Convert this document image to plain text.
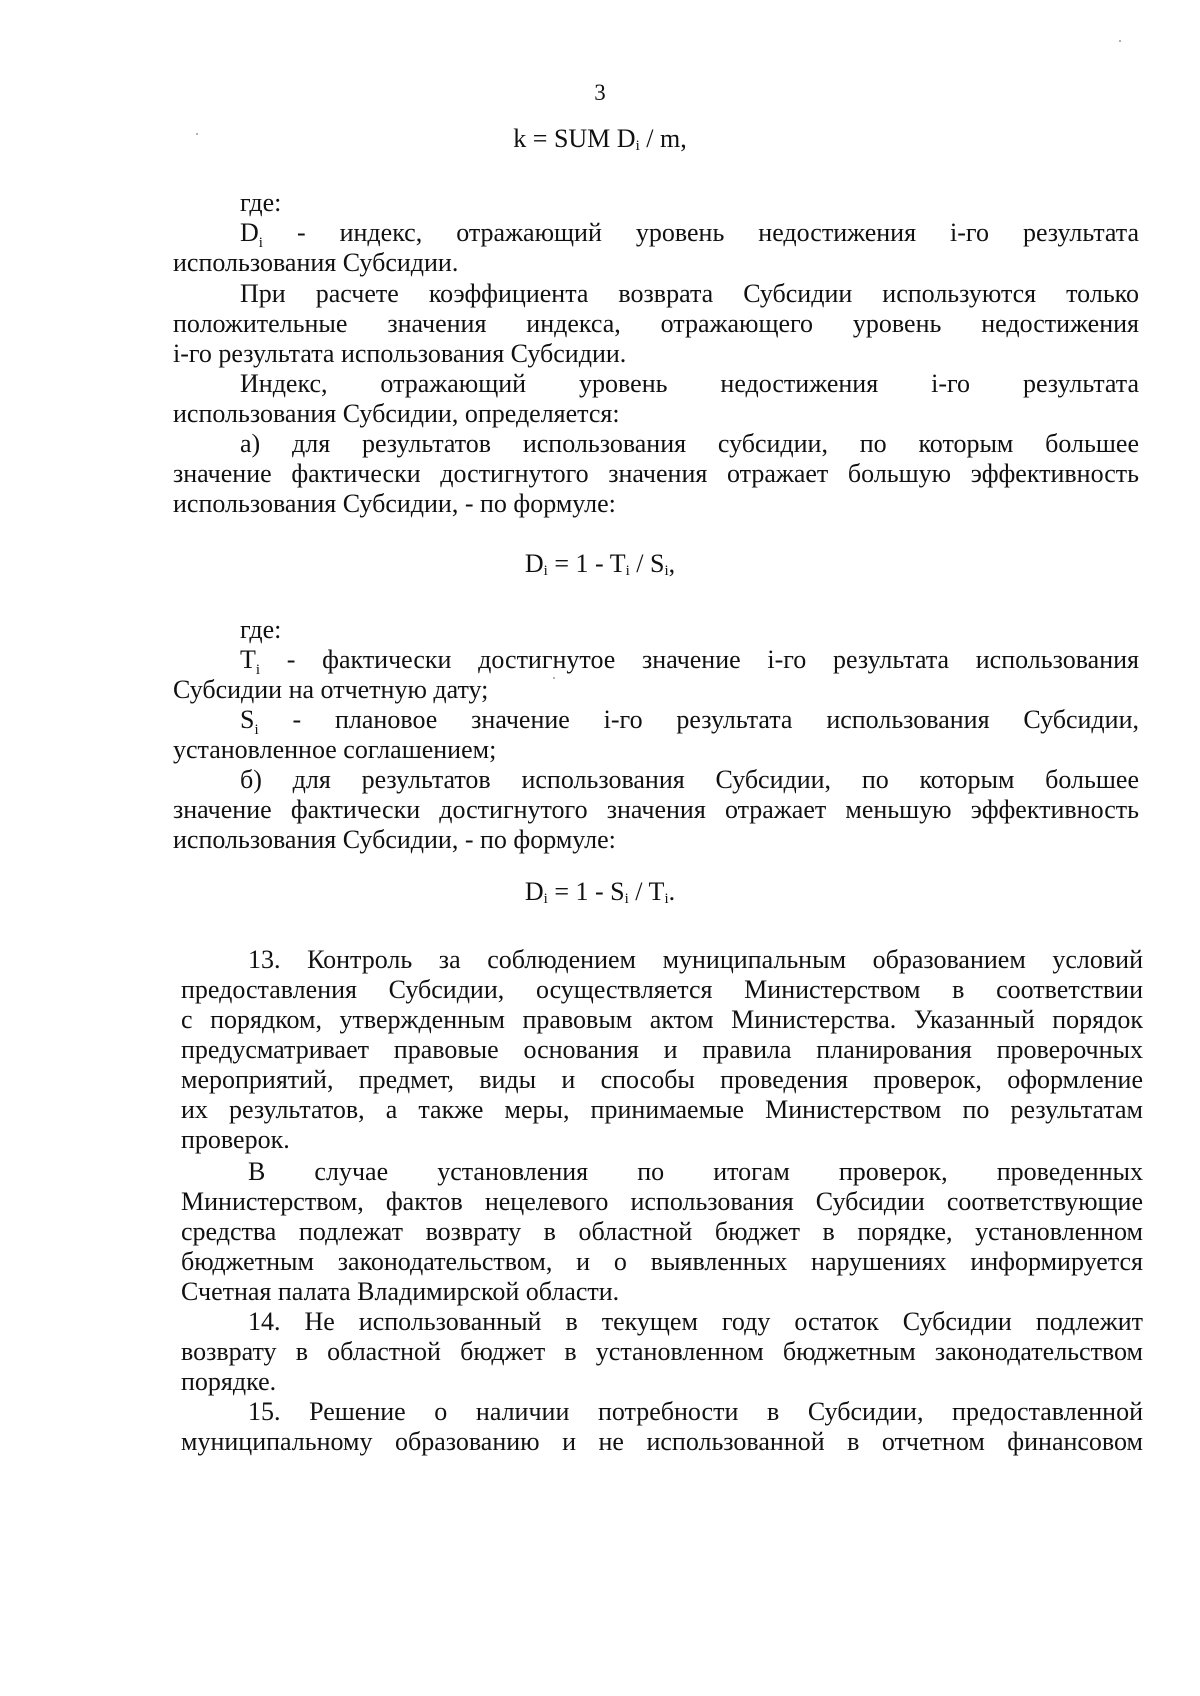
3
k = SUM $D_i$ / m,

где:

$D_i$ - индекс, отражающий уровень недостижения i-го результата

использования Субсидии.

При расчете коэффициента возврата Субсидии используются только

положительные значения индекса, отражающего уровень недостижения

i-го результата использования Субсидии.

Индекс, отражающий уровень недостижения i-го результата

использования Субсидии, определяется:

а) для результатов использования субсидии, по которым большее

значение фактически достигнутого значения отражает большую эффективность

использования Субсидии, - по формуле:

$D_i = 1 - T_i / S_i$,

где:

$T_i$ - фактически достигнутое значение i-го результата использования

Субсидии на отчетную дату;

$S_i$ - плановое значение i-го результата использования Субсидии,

установленное соглашением;

б) для результатов использования Субсидии, по которым большее

значение фактически достигнутого значения отражает меньшую эффективность

использования Субсидии, - по формуле:

$D_i = 1 - S_i / T_i$.

13. Контроль за соблюдением муниципальным образованием условий

предоставления Субсидии, осуществляется Министерством в соответствии

с порядком, утвержденным правовым актом Министерства. Указанный порядок

предусматривает правовые основания и правила планирования проверочных

мероприятий, предмет, виды и способы проведения проверок, оформление

их результатов, а также меры, принимаемые Министерством по результатам

проверок.

В случае установления по итогам проверок, проведенных

Министерством, фактов нецелевого использования Субсидии соответствующие

средства подлежат возврату в областной бюджет в порядке, установленном

бюджетным законодательством, и о выявленных нарушениях информируется

Счетная палата Владимирской области.

14. Не использованный в текущем году остаток Субсидии подлежит

возврату в областной бюджет в установленном бюджетным законодательством

порядке.

15. Решение о наличии потребности в Субсидии, предоставленной

муниципальному образованию и не использованной в отчетном финансовом
